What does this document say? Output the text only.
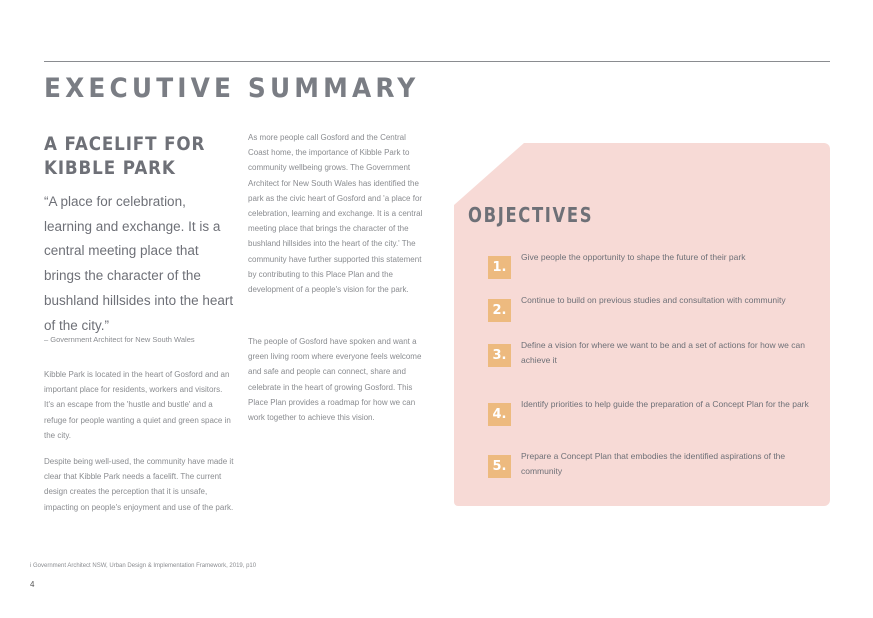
EXECUTIVE SUMMARY
A FACELIFT FOR
KIBBLE PARK
“A place for celebration, learning and exchange. It is a central meeting place that brings the character of the bushland hillsides into the heart of the city.”
– Government Architect for New South Wales
Kibble Park is located in the heart of Gosford and an important place for residents, workers and visitors. It's an escape from the 'hustle and bustle' and a refuge for people wanting a quiet and green space in the city.
Despite being well-used, the community have made it clear that Kibble Park needs a facelift. The current design creates the perception that it is unsafe, impacting on people's enjoyment and use of the park.
As more people call Gosford and the Central Coast home, the importance of Kibble Park to community wellbeing grows. The Government Architect for New South Wales has identified the park as the civic heart of Gosford and 'a place for celebration, learning and exchange. It is a central meeting place that brings the character of the bushland hillsides into the heart of the city.' The community have further supported this statement by contributing to this Place Plan and the development of a people's vision for the park.
The people of Gosford have spoken and want a green living room where everyone feels welcome and safe and people can connect, share and celebrate in the heart of growing Gosford. This Place Plan provides a roadmap for how we can work together to achieve this vision.
OBJECTIVES
1.
Give people the opportunity to shape the future of their park
2.
Continue to build on previous studies and consultation with community
3.
Define a vision for where we want to be and a set of actions for how we can achieve it
4.
Identify priorities to help guide the preparation of a Concept Plan for the park
5.
Prepare a Concept Plan that embodies the identified aspirations of the community
i Government Architect NSW, Urban Design & Implementation Framework, 2019, p10
4
